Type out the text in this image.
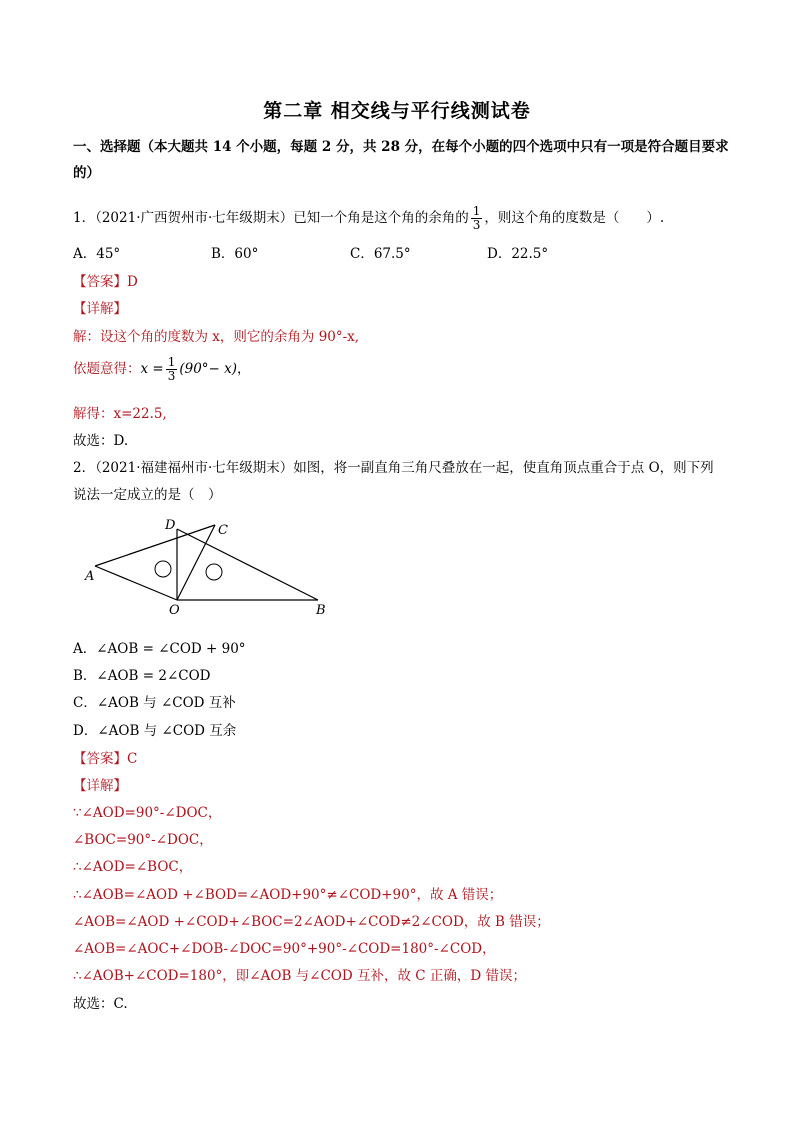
第二章 相交线与平行线测试卷
一、选择题（本大题共 14 个小题，每题 2 分，共 28 分，在每个小题的四个选项中只有一项是符合题目要求的）
1．（2021·广西贺州市·七年级期末）已知一个角是这个角的余角的 $\frac{1}{3}$ ，则这个角的度数是（　　）.
A．45°	B．60°	C．67.5°	D．22.5°
【答案】D
【详解】
解：设这个角的度数为 x，则它的余角为 90°-x,
依题意得：$x = \frac{1}{3} (90^\circ- x)$，
解得：x=22.5,
故选：D.
2．（2021·福建福州市·七年级期末）如图，将一副直角三角尺叠放在一起，使直角顶点重合于点 O，则下列
说法一定成立的是（　）
A
B
C
D
O
A．∠AOB = ∠COD + 90°
B．∠AOB = 2∠COD
C．∠AOB 与 ∠COD 互补
D．∠AOB 与 ∠COD 互余
【答案】C
【详解】
∵∠AOD=90°-∠DOC，
∠BOC=90°-∠DOC，
∴∠AOD=∠BOC，
∴∠AOB=∠AOD +∠BOD=∠AOD+90°≠∠COD+90°，故 A 错误；
∠AOB=∠AOD +∠COD+∠BOC=2∠AOD+∠COD≠2∠COD，故 B 错误；
∠AOB=∠AOC+∠DOB-∠DOC=90°+90°-∠COD=180°-∠COD，
∴∠AOB+∠COD=180°，即∠AOB 与∠COD 互补，故 C 正确，D 错误；
故选：C.
